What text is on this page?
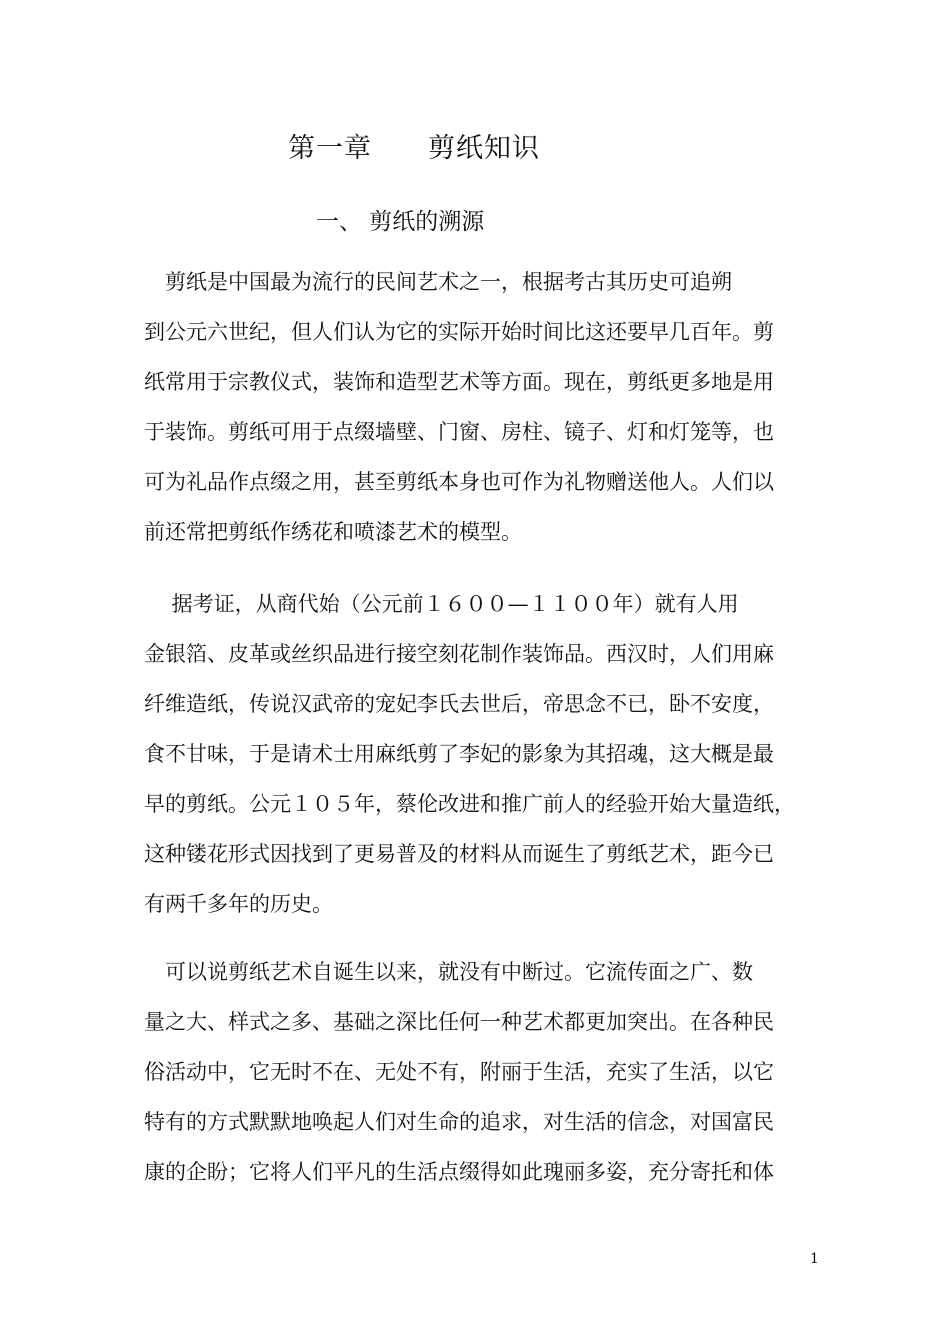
第一章　　剪纸知识
一、 剪纸的溯源
　剪纸是中国最为流行的民间艺术之一，根据考古其历史可追朔
到公元六世纪，但人们认为它的实际开始时间比这还要早几百年。剪
纸常用于宗教仪式，装饰和造型艺术等方面。现在，剪纸更多地是用
于装饰。剪纸可用于点缀墙壁、门窗、房柱、镜子、灯和灯笼等，也
可为礼品作点缀之用，甚至剪纸本身也可作为礼物赠送他人。人们以
前还常把剪纸作绣花和喷漆艺术的模型。
　 据考证，从商代始（公元前１６００—１１００年）就有人用
金银箔、皮革或丝织品进行接空刻花制作装饰品。西汉时，人们用麻
纤维造纸，传说汉武帝的宠妃李氏去世后，帝思念不已，卧不安度，
食不甘味，于是请术士用麻纸剪了李妃的影象为其招魂，这大概是最
早的剪纸。公元１０５年，蔡伦改进和推广前人的经验开始大量造纸，
这种镂花形式因找到了更易普及的材料从而诞生了剪纸艺术，距今已
有两千多年的历史。
　可以说剪纸艺术自诞生以来，就没有中断过。它流传面之广、数
量之大、样式之多、基础之深比任何一种艺术都更加突出。在各种民
俗活动中，它无时不在、无处不有，附丽于生活，充实了生活，以它
特有的方式默默地唤起人们对生命的追求，对生活的信念，对国富民
康的企盼；它将人们平凡的生活点缀得如此瑰丽多姿，充分寄托和体
1
